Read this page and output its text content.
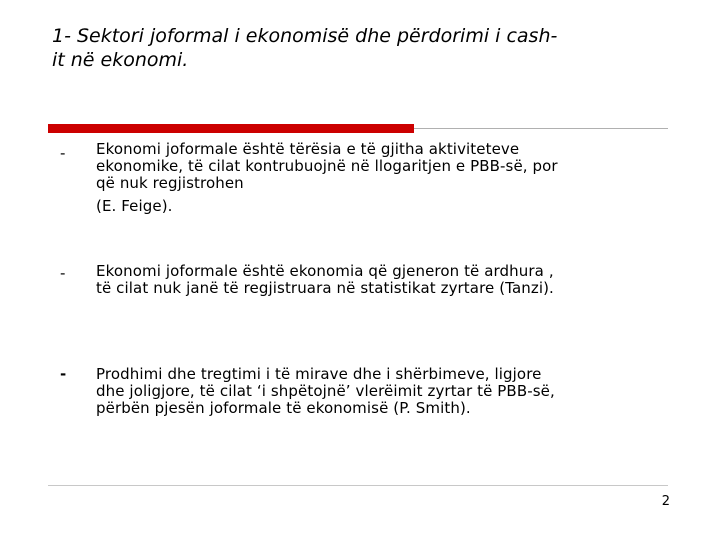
1- Sektori joformal i ekonomisë dhe përdorimi i cash-
it në ekonomi.
- Ekonomi joformale është tërësia e të gjitha aktiviteteve
ekonomike, të cilat kontrubuojnë në llogaritjen e PBB-së, por
që nuk regjistrohen
(E. Feige).
- Ekonomi joformale është ekonomia që gjeneron të ardhura ,
të cilat nuk janë të regjistruara në statistikat zyrtare (Tanzi).
- Prodhimi dhe tregtimi i të mirave dhe i shërbimeve, ligjore
dhe joligjore, të cilat ‘i shpëtojnë’ vlerëimit zyrtar të PBB-së,
përbën pjesën joformale të ekonomisë (P. Smith).
2
